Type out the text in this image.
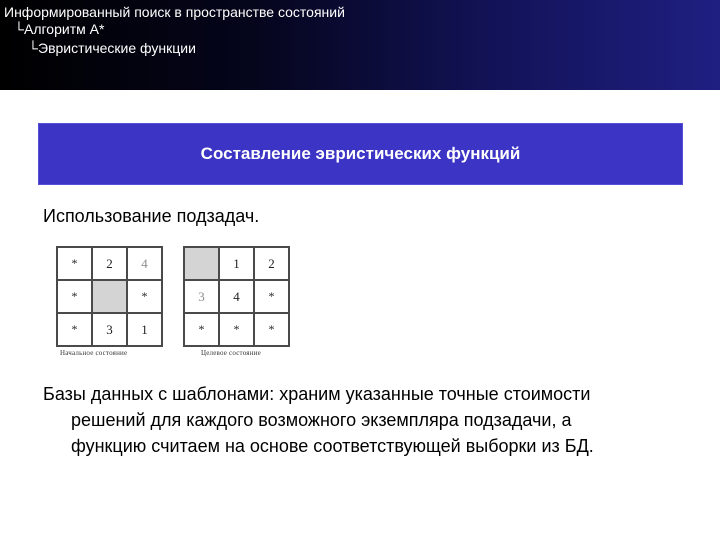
Информированный поиск в пространстве состояний
└Алгоритм А*
└Эвристические функции
Составление эвристических функций
Использование подзадач.
*	2	4
*		*
*	3	1
Начальное состояние
	1	2
3	4	*
*	*	*
Целевое состояние
Базы данных с шаблонами: храним указанные точные стоимости
решений для каждого возможного экземпляра подзадачи, а
функцию считаем на основе соответствующей выборки из БД.
